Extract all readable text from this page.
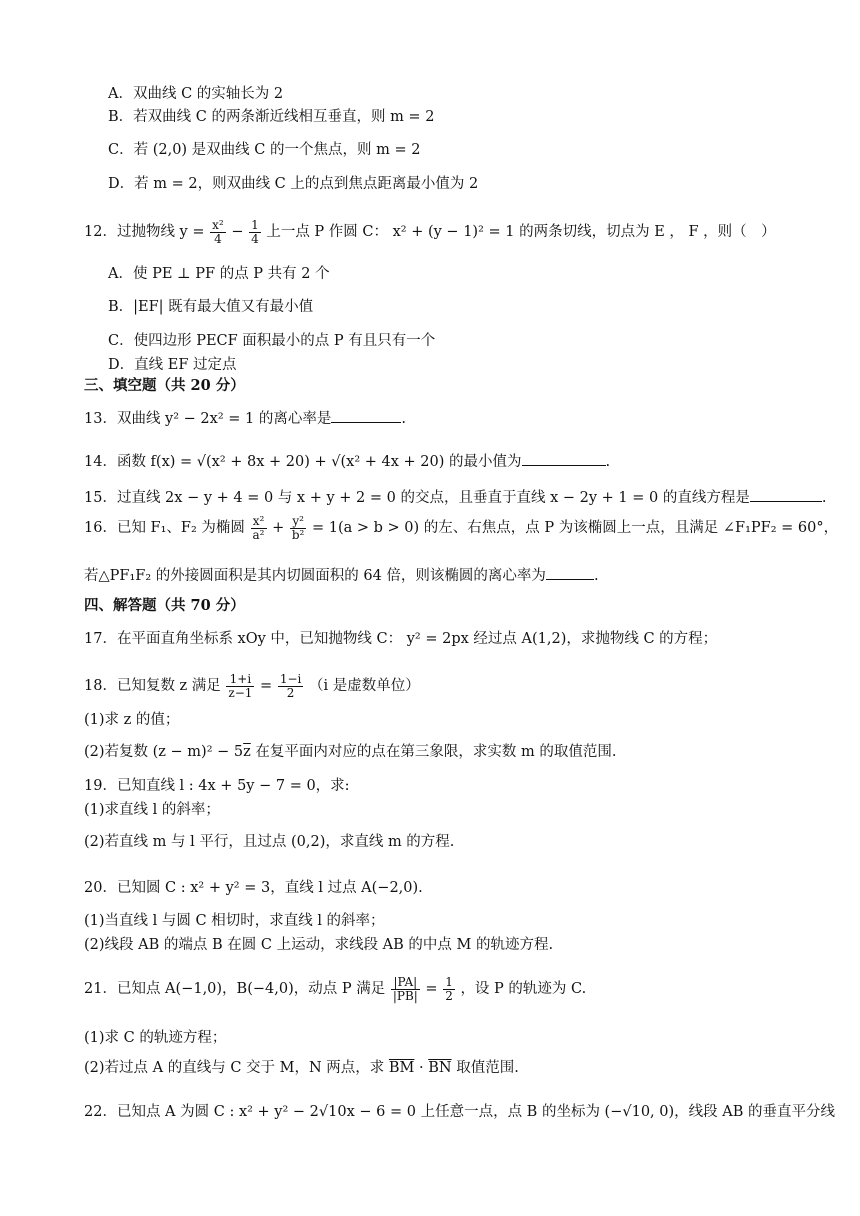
A．双曲线 C 的实轴长为 2
B．若双曲线 C 的两条渐近线相互垂直，则 m = 2
C．若 (2,0) 是双曲线 C 的一个焦点，则 m = 2
D．若 m = 2，则双曲线 C 上的点到焦点距离最小值为 2
12．过抛物线 $y = \frac{\text{x²}}{4} - \frac{1}{4}$ 上一点 P 作圆 C： x² + (y − 1)² = 1 的两条切线，切点为 E ， F ，则（　）
A．使 PE ⊥ PF 的点 P 共有 2 个
B．|EF| 既有最大值又有最小值
C．使四边形 PECF 面积最小的点 P 有且只有一个
D．直线 EF 过定点
三、填空题（共 20 分）
13．双曲线 y² − 2x² = 1 的离心率是	.
14．函数 f(x) = √(x² + 8x + 20) + √(x² + 4x + 20) 的最小值为	.
15．过直线 2x − y + 4 = 0 与 x + y + 2 = 0 的交点，且垂直于直线 x − 2y + 1 = 0 的直线方程是	.
16．已知 F₁、F₂ 为椭圆 $\frac{\text{x²}}{\text{a²}} + \frac{\text{y²}}{\text{b²}} = 1(a > b > 0)$ 的左、右焦点，点 P 为该椭圆上一点，且满足 ∠F₁PF₂ = 60°，
若△PF₁F₂ 的外接圆面积是其内切圆面积的 64 倍，则该椭圆的离心率为	.
四、解答题（共 70 分）
17．在平面直角坐标系 xOy 中，已知抛物线 C： y² = 2px 经过点 A(1,2)，求抛物线 C 的方程；
18．已知复数 z 满足 $\frac{1+i}{z-1} = \frac{1-i}{2} (i$ 是虚数单位）
(1)求 z 的值；
(2)若复数 $(z - m)^2 - 5\overline{z}$ 在复平面内对应的点在第三象限，求实数 m 的取值范围.
19．已知直线 l : 4x + 5y − 7 = 0，求:
(1)求直线 l 的斜率；
(2)若直线 m 与 l 平行，且过点 (0,2)，求直线 m 的方程.
20．已知圆 C : x² + y² = 3，直线 l 过点 A(−2,0).
(1)当直线 l 与圆 C 相切时，求直线 l 的斜率；
(2)线段 AB 的端点 B 在圆 C 上运动，求线段 AB 的中点 M 的轨迹方程.
21．已知点 A(−1,0)，B(−4,0)，动点 P 满足 $\frac{|PA|}{|PB|} = \frac{1}{2}$ ，设 P 的轨迹为 C.
(1)求 C 的轨迹方程；
(2)若过点 A 的直线与 C 交于 M，N 两点，求 $\overline{BM} \cdot \overline{BN}$ 取值范围.
22．已知点 A 为圆 C : x² + y² − 2√10x − 6 = 0 上任意一点，点 B 的坐标为 (−√10, 0)，线段 AB 的垂直平分线
